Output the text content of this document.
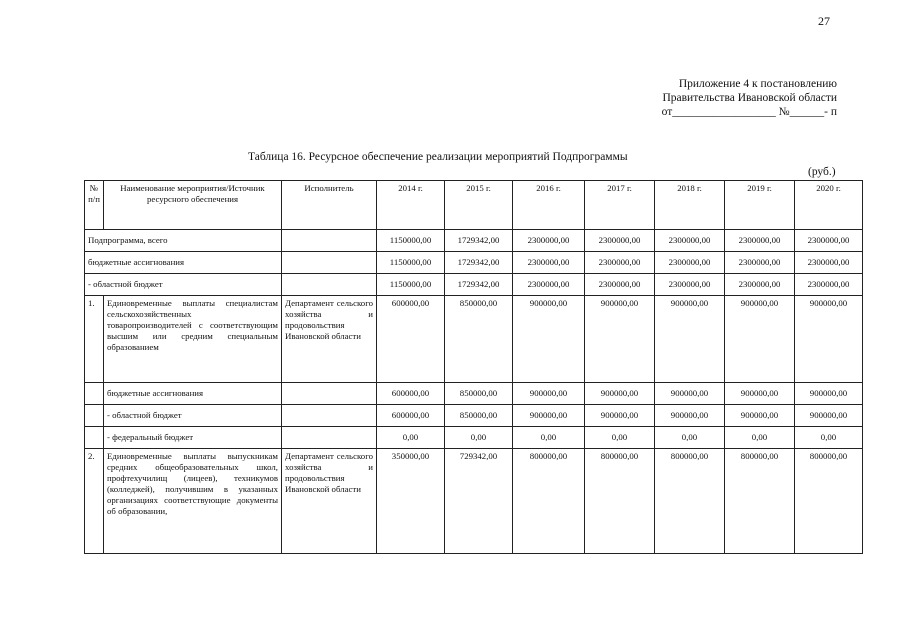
27
Приложение 4 к постановлению
Правительства Ивановской области
от__________________ №______- п
Таблица 16. Ресурсное обеспечение реализации мероприятий Подпрограммы
(руб.)
№ п/п	Наименование мероприятия/Источник ресурсного обеспечения	Исполнитель	2014 г.	2015 г.	2016 г.	2017 г.	2018 г.	2019 г.	2020 г.
Подпрограмма, всего			1150000,00	1729342,00	2300000,00	2300000,00	2300000,00	2300000,00	2300000,00
бюджетные ассигнования			1150000,00	1729342,00	2300000,00	2300000,00	2300000,00	2300000,00	2300000,00
- областной бюджет			1150000,00	1729342,00	2300000,00	2300000,00	2300000,00	2300000,00	2300000,00
1.	Единовременные выплаты специалистам сельскохозяйственных товаропроизводителей с соответствующим высшим или средним специальным образованием	Департамент сельского хозяйства и продовольствия Ивановской области	600000,00	850000,00	900000,00	900000,00	900000,00	900000,00	900000,00
	бюджетные ассигнования		600000,00	850000,00	900000,00	900000,00	900000,00	900000,00	900000,00
	- областной бюджет		600000,00	850000,00	900000,00	900000,00	900000,00	900000,00	900000,00
	- федеральный бюджет		0,00	0,00	0,00	0,00	0,00	0,00	0,00
2.	Единовременные выплаты выпускникам средних общеобразовательных школ, профтехучилищ (лицеев), техникумов (колледжей), получившим в указанных организациях соответствующие документы об образовании,	Департамент сельского хозяйства и продовольствия Ивановской области	350000,00	729342,00	800000,00	800000,00	800000,00	800000,00	800000,00
